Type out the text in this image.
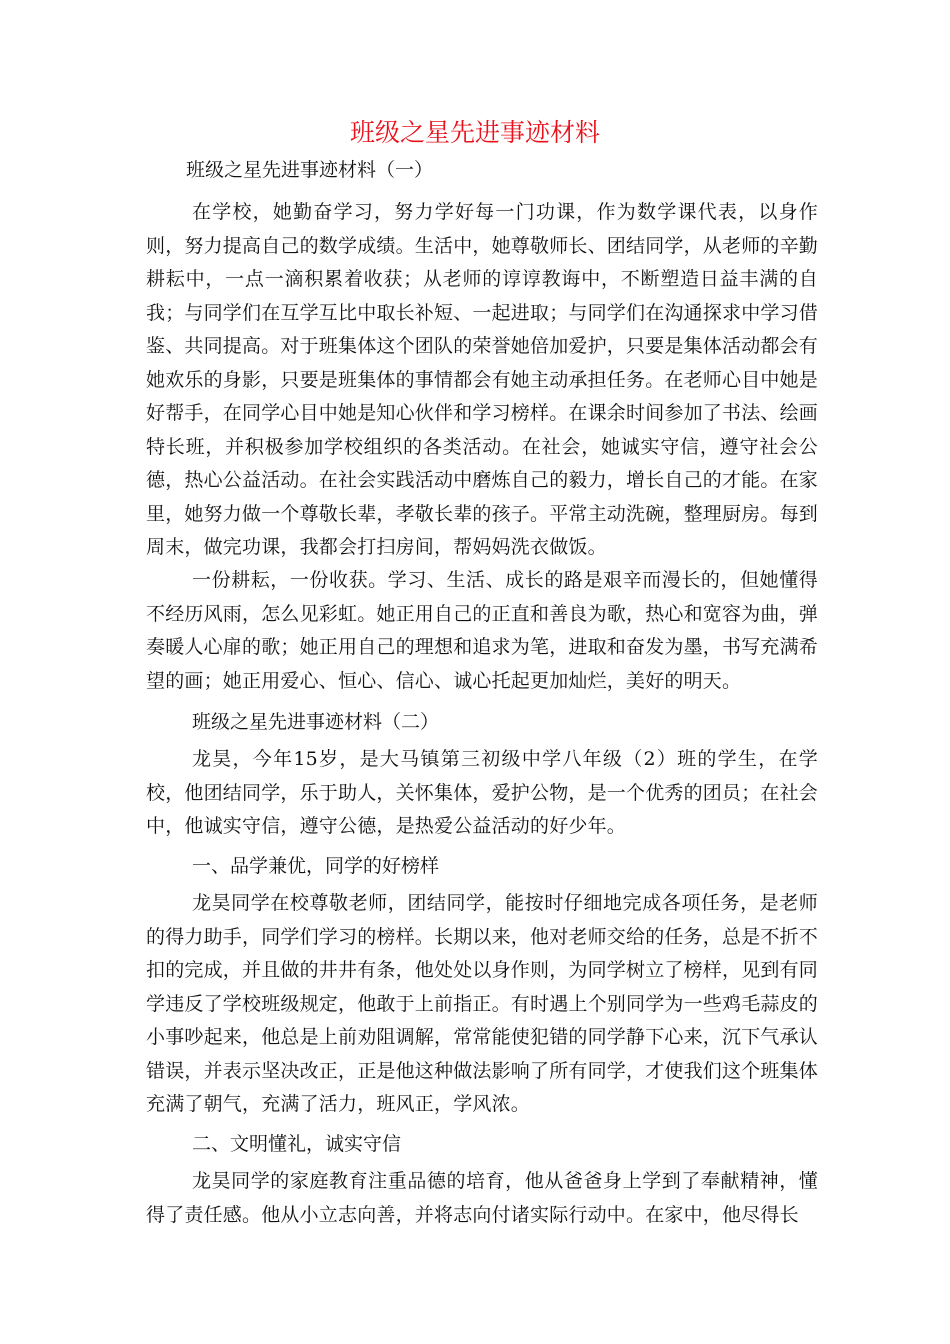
班级之星先进事迹材料

班级之星先进事迹材料（一）

在学校，她勤奋学习，努力学好每一门功课，作为数学课代表，以身作则，努力提高自己的数学成绩。生活中，她尊敬师长、团结同学，从老师的辛勤耕耘中，一点一滴积累着收获；从老师的谆谆教诲中，不断塑造日益丰满的自我；与同学们在互学互比中取长补短、一起进取；与同学们在沟通探求中学习借鉴、共同提高。对于班集体这个团队的荣誉她倍加爱护，只要是集体活动都会有她欢乐的身影，只要是班集体的事情都会有她主动承担任务。在老师心目中她是好帮手，在同学心目中她是知心伙伴和学习榜样。在课余时间参加了书法、绘画特长班，并积极参加学校组织的各类活动。在社会，她诚实守信，遵守社会公德，热心公益活动。在社会实践活动中磨炼自己的毅力，增长自己的才能。在家里，她努力做一个尊敬长辈，孝敬长辈的孩子。平常主动洗碗，整理厨房。每到周末，做完功课，我都会打扫房间，帮妈妈洗衣做饭。

一份耕耘，一份收获。学习、生活、成长的路是艰辛而漫长的，但她懂得不经历风雨，怎么见彩虹。她正用自己的正直和善良为歌，热心和宽容为曲，弹奏暖人心扉的歌；她正用自己的理想和追求为笔，进取和奋发为墨，书写充满希望的画；她正用爱心、恒心、信心、诚心托起更加灿烂，美好的明天。

班级之星先进事迹材料（二）

龙昊，今年15岁，是大马镇第三初级中学八年级（2）班的学生，在学校，他团结同学，乐于助人，关怀集体，爱护公物，是一个优秀的团员；在社会中，他诚实守信，遵守公德，是热爱公益活动的好少年。

一、品学兼优，同学的好榜样

龙昊同学在校尊敬老师，团结同学，能按时仔细地完成各项任务，是老师的得力助手，同学们学习的榜样。长期以来，他对老师交给的任务，总是不折不扣的完成，并且做的井井有条，他处处以身作则，为同学树立了榜样，见到有同学违反了学校班级规定，他敢于上前指正。有时遇上个别同学为一些鸡毛蒜皮的小事吵起来，他总是上前劝阻调解，常常能使犯错的同学静下心来，沉下气承认错误，并表示坚决改正，正是他这种做法影响了所有同学，才使我们这个班集体充满了朝气，充满了活力，班风正，学风浓。

二、文明懂礼，诚实守信

龙昊同学的家庭教育注重品德的培育，他从爸爸身上学到了奉献精神，懂得了责任感。他从小立志向善，并将志向付诸实际行动中。在家中，他尽得长
